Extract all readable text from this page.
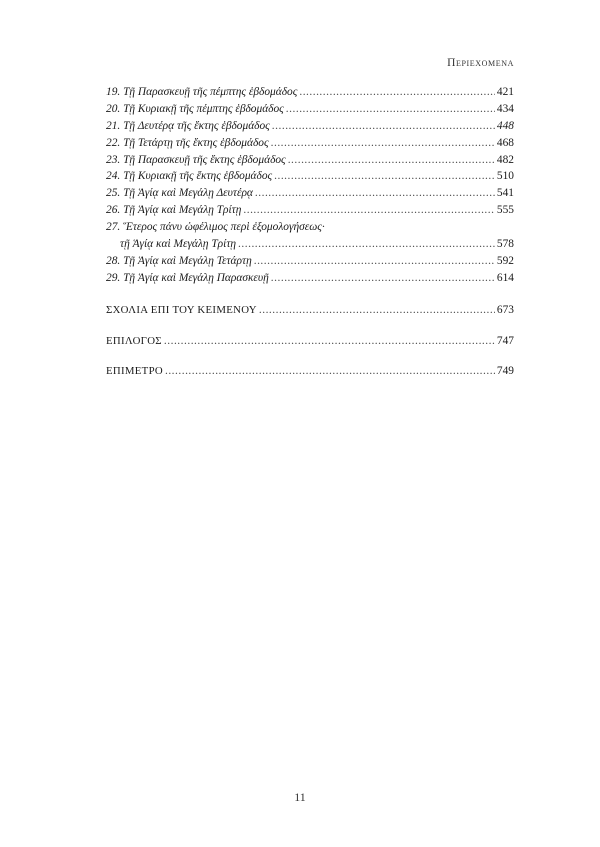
Περιεχομενα
19. Τῇ Παρασκευῇ τῆς πέμπτης ἑβδομάδος .....	421
20. Τῇ Κυριακῇ τῆς πέμπτης ἑβδομάδος .....	434
21. Τῇ Δευτέρᾳ τῆς ἕκτης ἑβδομάδος .....	448
22. Τῇ Τετάρτῃ τῆς ἕκτης ἑβδομάδος .....	468
23. Τῇ Παρασκευῇ τῆς ἕκτης ἑβδομάδος .....	482
24. Τῇ Κυριακῇ τῆς ἕκτης ἑβδομάδος .....	510
25. Τῇ Ἁγίᾳ καὶ Μεγάλῃ Δευτέρᾳ .....	541
26. Τῇ Ἁγίᾳ καὶ Μεγάλῃ Τρίτῃ .....	555
27. Ἕτερος πάνυ ὠφέλιμος περὶ ἐξομολογήσεως·
τῇ Ἁγίᾳ καὶ Μεγάλῃ Τρίτῃ .....	578
28. Τῇ Ἁγίᾳ καὶ Μεγάλῃ Τετάρτῃ .....	592
29. Τῇ Ἁγίᾳ καὶ Μεγάλῃ Παρασκευῇ .....	614
ΣΧΟΛΙΑ ΕΠΙ ΤΟΥ ΚΕΙΜΕΝΟΥ .....	673
ΕΠΙΛΟΓΟΣ .....	747
ΕΠΙΜΕΤΡΟ .....	749
11
